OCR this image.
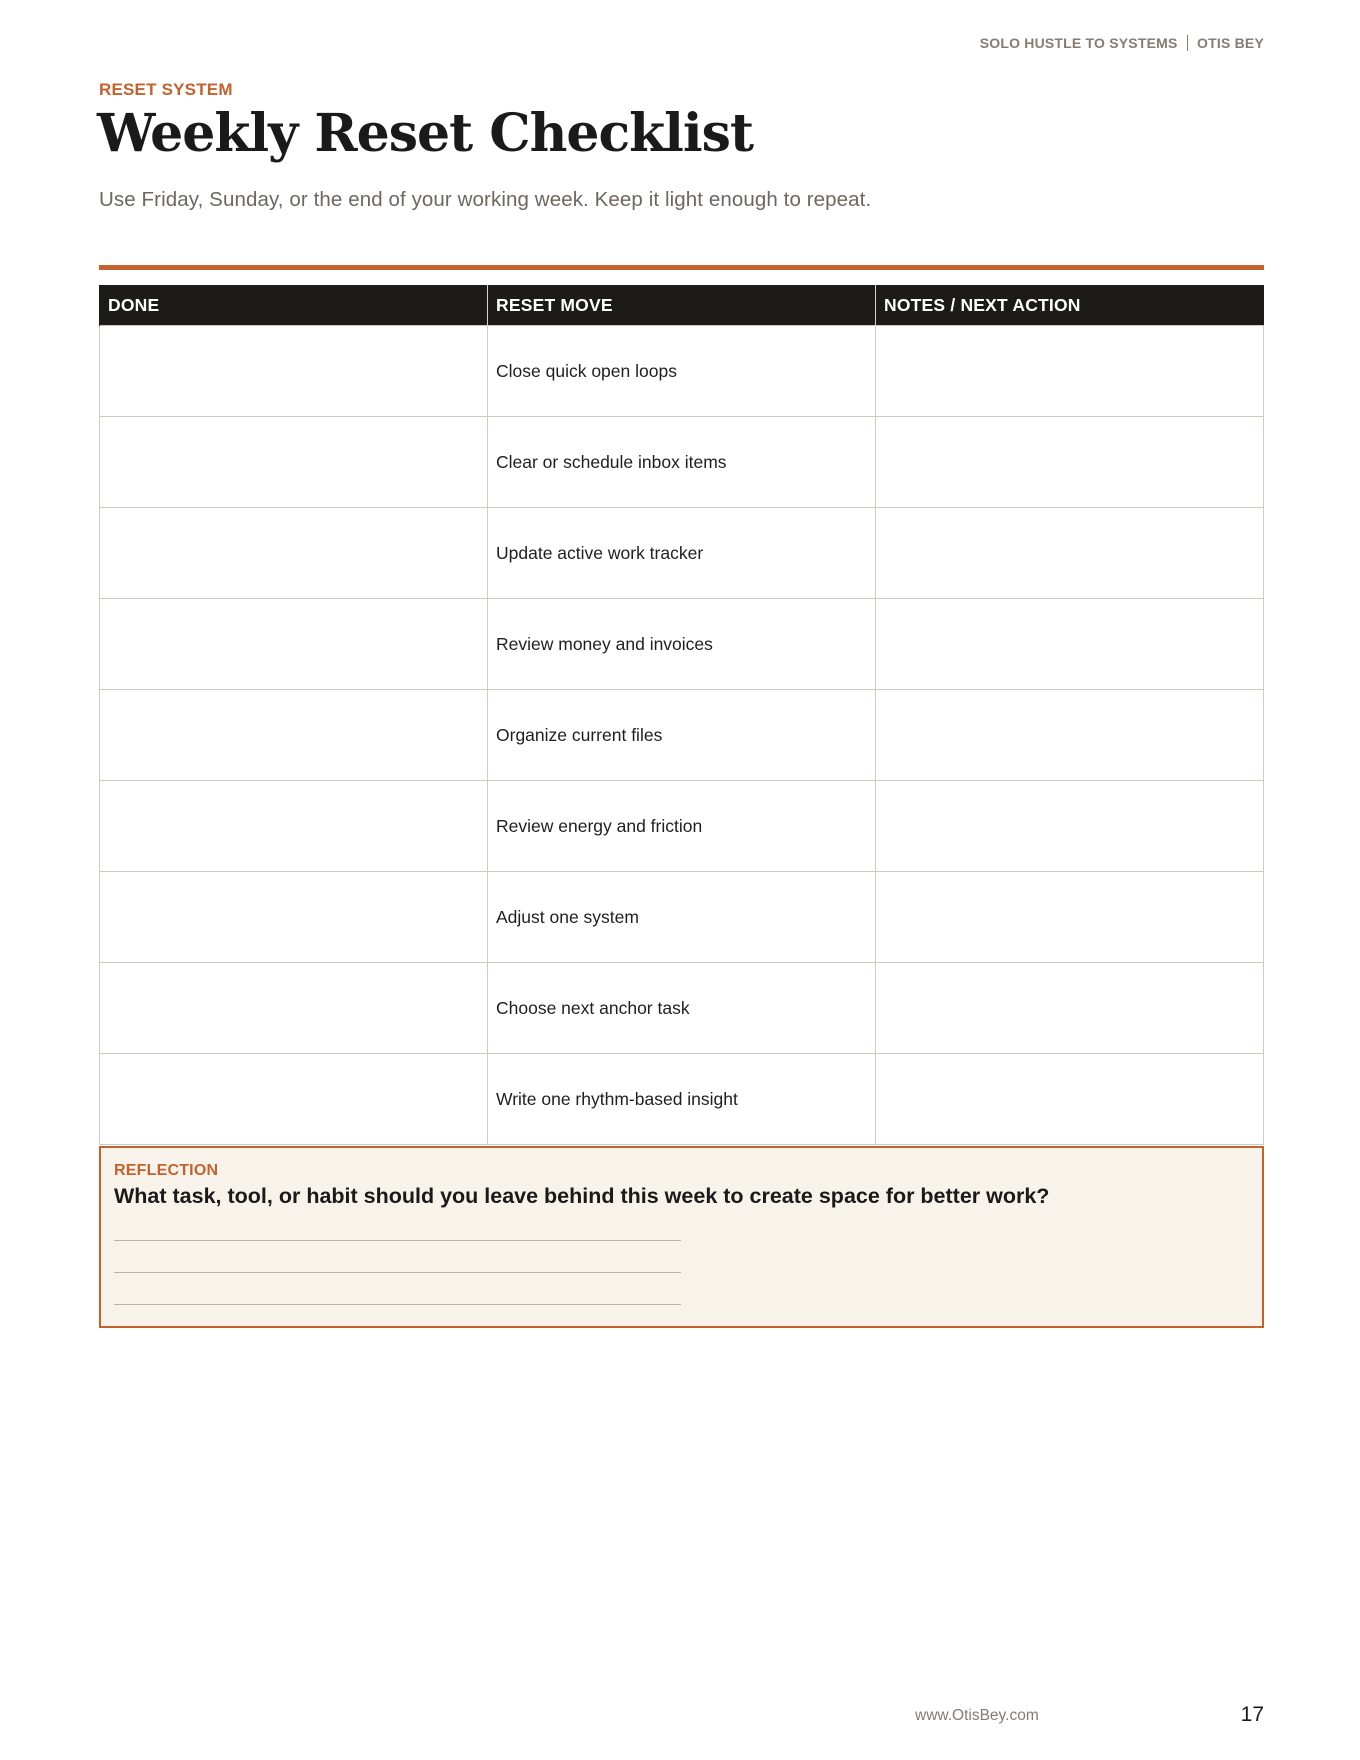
SOLO HUSTLE TO SYSTEMS OTIS BEY
RESET SYSTEM
Weekly Reset Checklist
Use Friday, Sunday, or the end of your working week. Keep it light enough to repeat.
DONE	RESET MOVE	NOTES / NEXT ACTION
	Close quick open loops	
	Clear or schedule inbox items	
	Update active work tracker	
	Review money and invoices	
	Organize current files	
	Review energy and friction	
	Adjust one system	
	Choose next anchor task	
	Write one rhythm-based insight	
REFLECTION
What task, tool, or habit should you leave behind this week to create space for better work?
www.OtisBey.com	17
